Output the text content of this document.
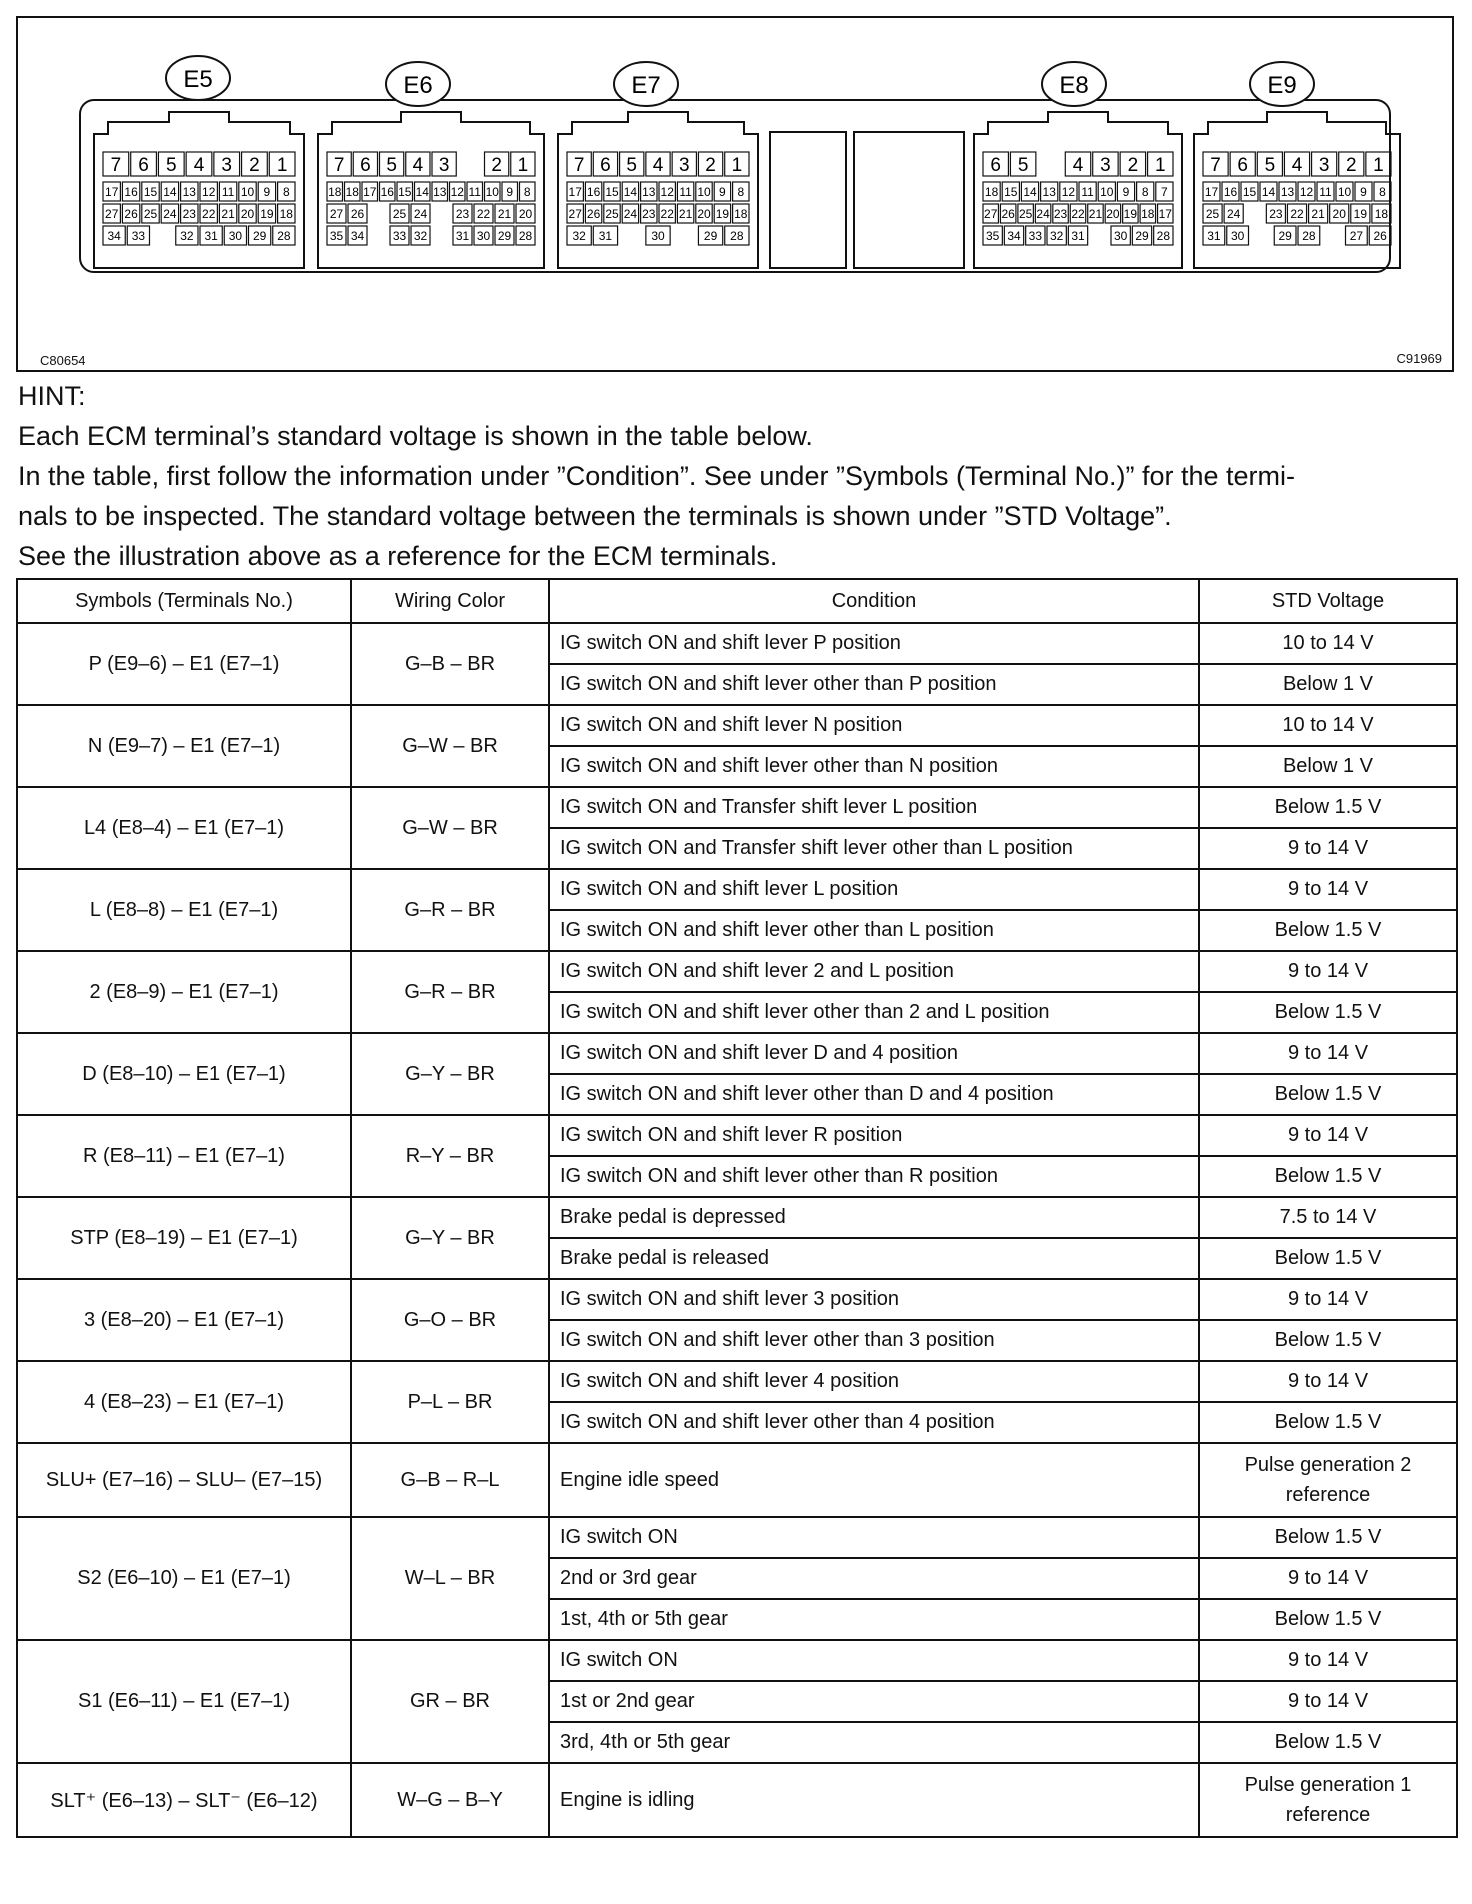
E5
7 6 5 4 3 2 1
17 16 15 14 13 12 11 10 9 8
27 26 25 24 23 22 21 20 19 18
34 33	32 31 30 29 28
E6
7 6 5 4 3 2 1
18 18 17 16 15 14 13 12 11 10 9 8
27 26 25 24 23 22 21 20
35 34 33 32 31 30 29 28
E7
7 6 5 4 3 2 1
17 16 15 14 13 12 11 10 9 8
27 26 25 24 23 22 21 20 19 18
32 31	30	29 28
E8
6 5 4 3 2 1
18 15 14 13 12 11 10 9 8 7
27 26 25 24 23 22 21 20 19 18 17
35 34 33 32 31 30 29 28
E9
7 6 5 4 3 2 1
17 16 15 14 13 12 11 10 9 8
25 24 23 22 21 20 19 18
31 30	29 28	27 26
C80654	C91969

HINT:

Each ECM terminal’s standard voltage is shown in the table below.

In the table, first follow the information under ”Condition”. See under ”Symbols (Terminal No.)” for the termi-

nals to be inspected. The standard voltage between the terminals is shown under ”STD Voltage”.

See the illustration above as a reference for the ECM terminals.

Symbols (Terminals No.)	Wiring Color	Condition	STD Voltage
P (E9–6) – E1 (E7–1)	G–B – BR	IG switch ON and shift lever P position	10 to 14 V
		IG switch ON and shift lever other than P position	Below 1 V
N (E9–7) – E1 (E7–1)	G–W – BR	IG switch ON and shift lever N position	10 to 14 V
		IG switch ON and shift lever other than N position	Below 1 V
L4 (E8–4) – E1 (E7–1)	G–W – BR	IG switch ON and Transfer shift lever L position	Below 1.5 V
		IG switch ON and Transfer shift lever other than L position	9 to 14 V
L (E8–8) – E1 (E7–1)	G–R – BR	IG switch ON and shift lever L position	9 to 14 V
		IG switch ON and shift lever other than L position	Below 1.5 V
2 (E8–9) – E1 (E7–1)	G–R – BR	IG switch ON and shift lever 2 and L position	9 to 14 V
		IG switch ON and shift lever other than 2 and L position	Below 1.5 V
D (E8–10) – E1 (E7–1)	G–Y – BR	IG switch ON and shift lever D and 4 position	9 to 14 V
		IG switch ON and shift lever other than D and 4 position	Below 1.5 V
R (E8–11) – E1 (E7–1)	R–Y – BR	IG switch ON and shift lever R position	9 to 14 V
		IG switch ON and shift lever other than R position	Below 1.5 V
STP (E8–19) – E1 (E7–1)	G–Y – BR	Brake pedal is depressed	7.5 to 14 V
		Brake pedal is released	Below 1.5 V
3 (E8–20) – E1 (E7–1)	G–O – BR	IG switch ON and shift lever 3 position	9 to 14 V
		IG switch ON and shift lever other than 3 position	Below 1.5 V
4 (E8–23) – E1 (E7–1)	P–L – BR	IG switch ON and shift lever 4 position	9 to 14 V
		IG switch ON and shift lever other than 4 position	Below 1.5 V
SLU+ (E7–16) – SLU– (E7–15)	G–B – R–L	Engine idle speed	Pulse generation 2 reference
S2 (E6–10) – E1 (E7–1)	W–L – BR	IG switch ON	Below 1.5 V
		2nd or 3rd gear	9 to 14 V
		1st, 4th or 5th gear	Below 1.5 V
S1 (E6–11) – E1 (E7–1)	GR – BR	IG switch ON	9 to 14 V
		1st or 2nd gear	9 to 14 V
		3rd, 4th or 5th gear	Below 1.5 V
SLT⁺ (E6–13) – SLT⁻ (E6–12)	W–G – B–Y	Engine is idling	Pulse generation 1 reference
